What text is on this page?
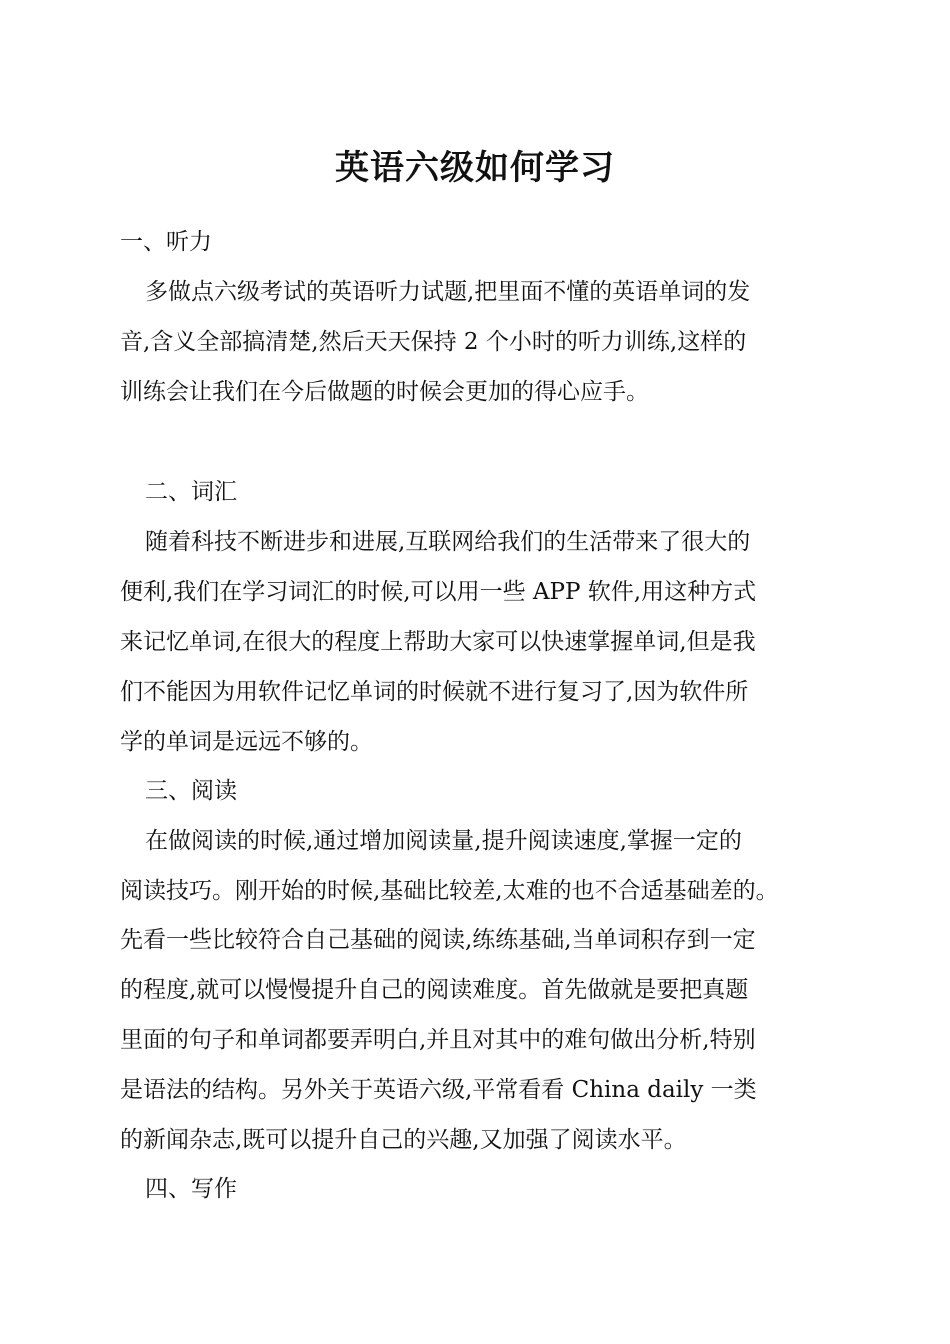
英语六级如何学习
一、听力
多做点六级考试的英语听力试题,把里面不懂的英语单词的发
音,含义全部搞清楚,然后天天保持 2 个小时的听力训练,这样的
训练会让我们在今后做题的时候会更加的得心应手。
二、词汇
随着科技不断进步和进展,互联网给我们的生活带来了很大的
便利,我们在学习词汇的时候,可以用一些 APP 软件,用这种方式
来记忆单词,在很大的程度上帮助大家可以快速掌握单词,但是我
们不能因为用软件记忆单词的时候就不进行复习了,因为软件所
学的单词是远远不够的。
三、阅读
在做阅读的时候,通过增加阅读量,提升阅读速度,掌握一定的
阅读技巧。刚开始的时候,基础比较差,太难的也不合适基础差的。
先看一些比较符合自己基础的阅读,练练基础,当单词积存到一定
的程度,就可以慢慢提升自己的阅读难度。首先做就是要把真题
里面的句子和单词都要弄明白,并且对其中的难句做出分析,特别
是语法的结构。另外关于英语六级,平常看看 China daily 一类
的新闻杂志,既可以提升自己的兴趣,又加强了阅读水平。
四、写作
